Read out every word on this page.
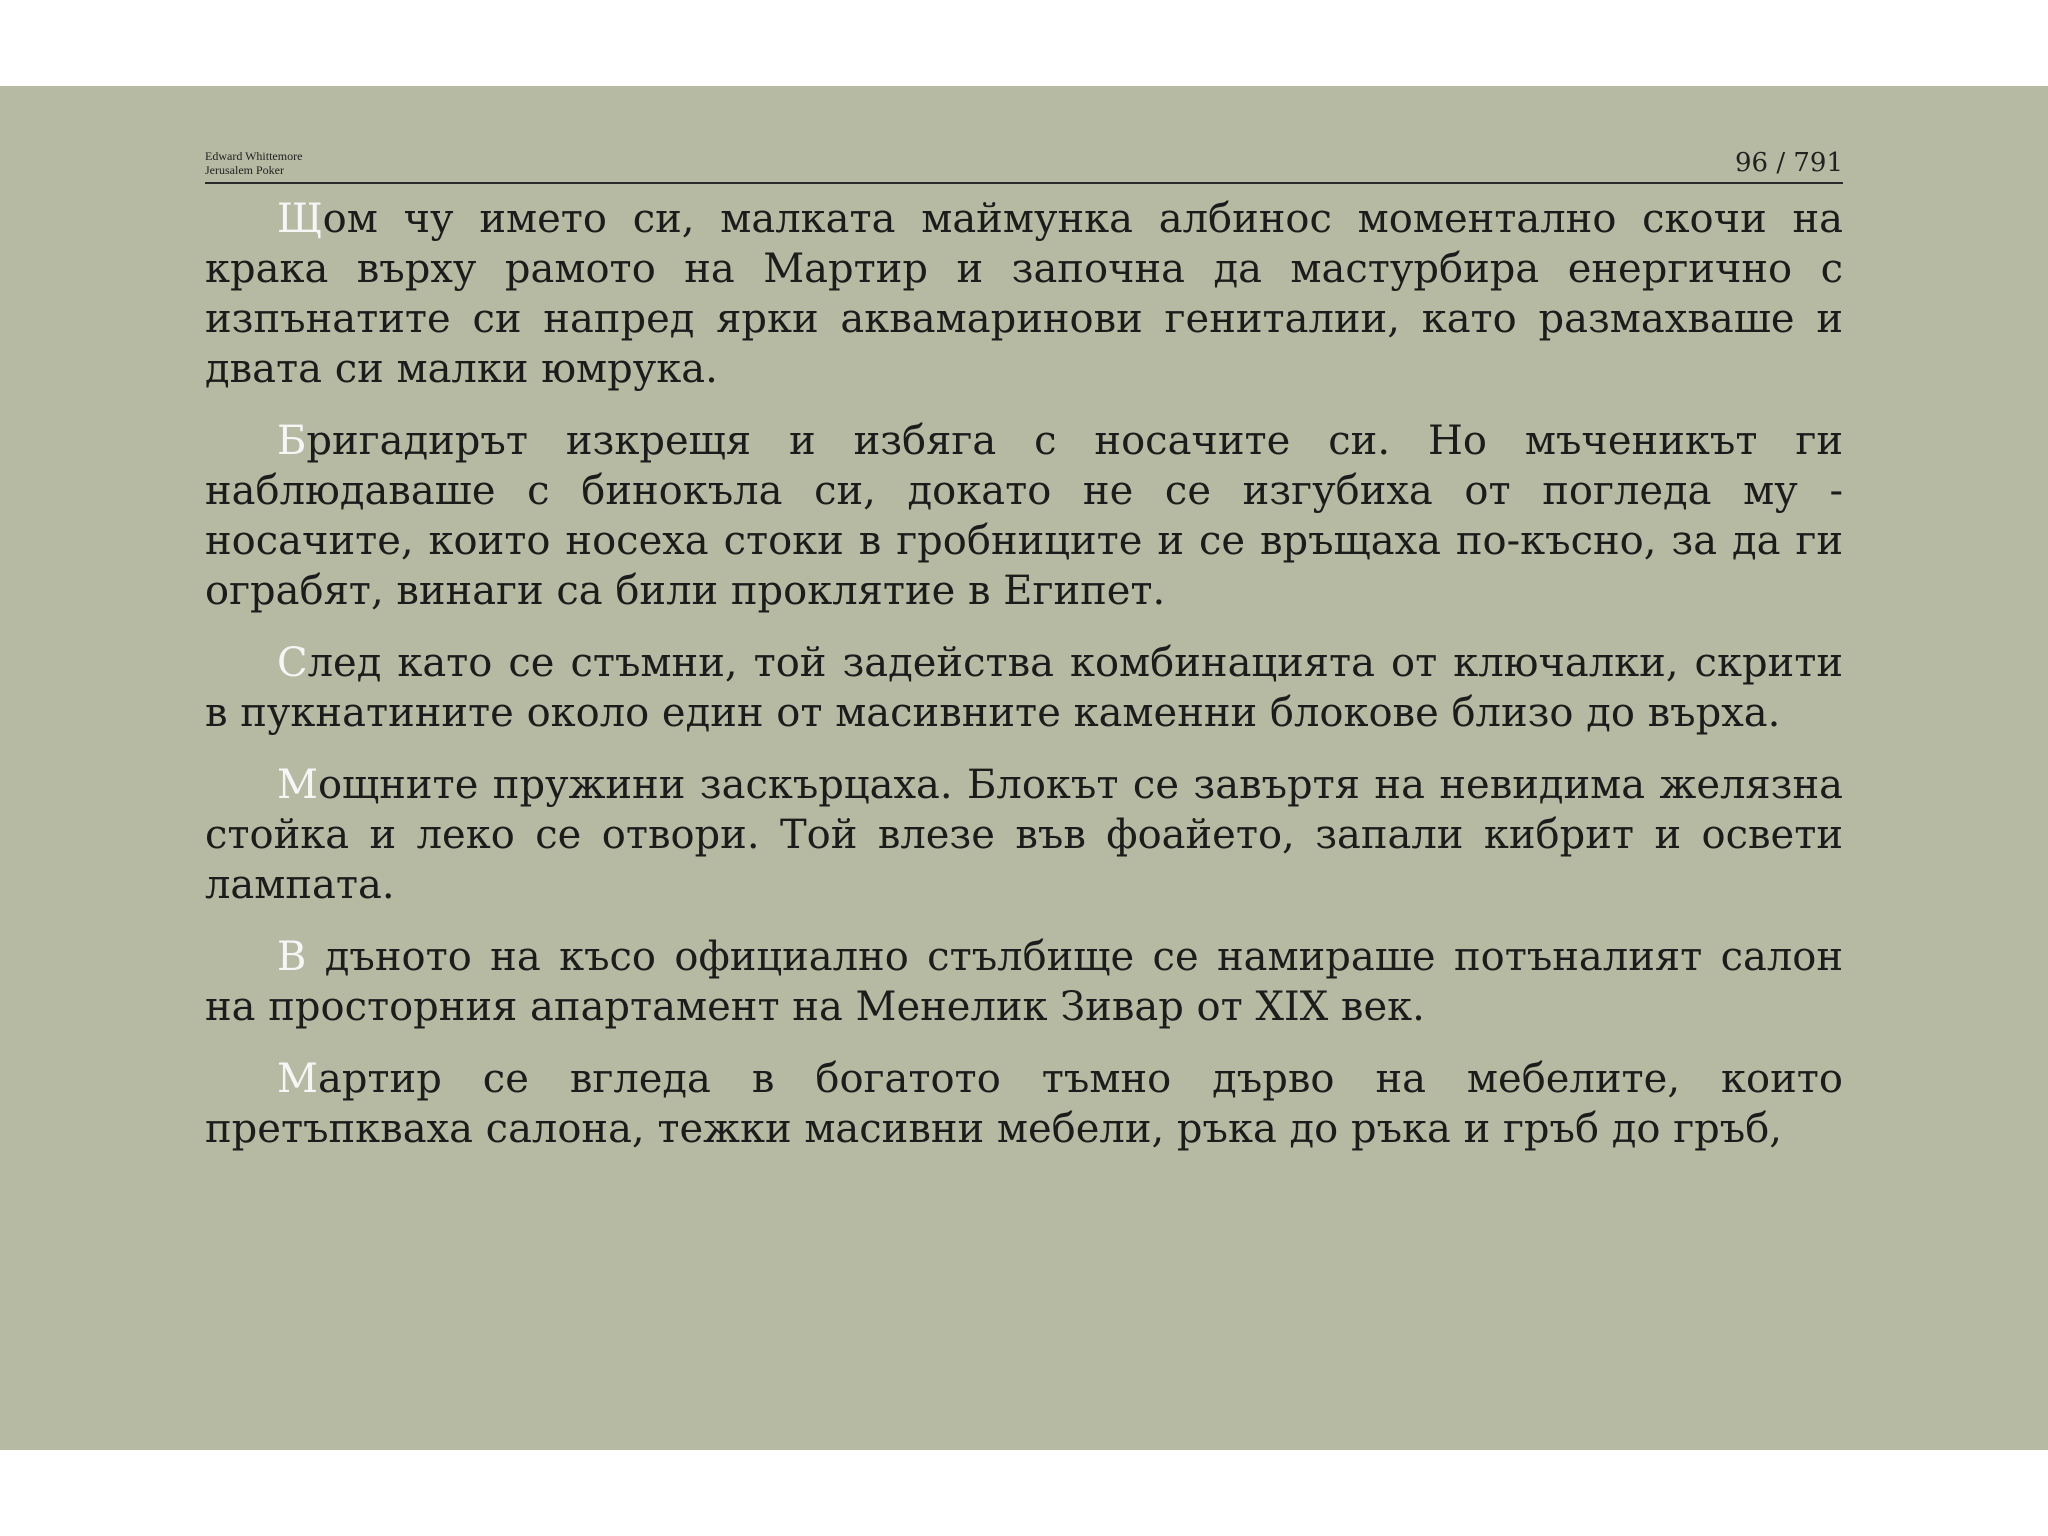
Edward Whittemore
Jerusalem Poker	96 / 791

Щом чу името си, малката маймунка албинос моментално скочи на крака върху рамото на Мартир и започна да мастурбира енергично с изпънатите си напред ярки аквамаринови гениталии, като размахваше и двата си малки юмрука.

Бригадирът изкрещя и избяга с носачите си. Но мъченикът ги наблюдаваше с бинокъла си, докато не се изгубиха от погледа му - носачите, които носеха стоки в гробниците и се връщаха по-късно, за да ги ограбят, винаги са били проклятие в Египет.

След като се стъмни, той задейства комбинацията от ключалки, скрити в пукнатините около един от масивните каменни блокове близо до върха.

Мощните пружини заскърцаха. Блокът се завъртя на невидима желязна стойка и леко се отвори. Той влезе във фоайето, запали кибрит и освети лампата.

В дъното на късо официално стълбище се намираше потъналият салон на просторния апартамент на Менелик Зивар от XIX век.

Мартир се вгледа в богатото тъмно дърво на мебелите, които претъпкваха салона, тежки масивни мебели, ръка до ръка и гръб до гръб,
